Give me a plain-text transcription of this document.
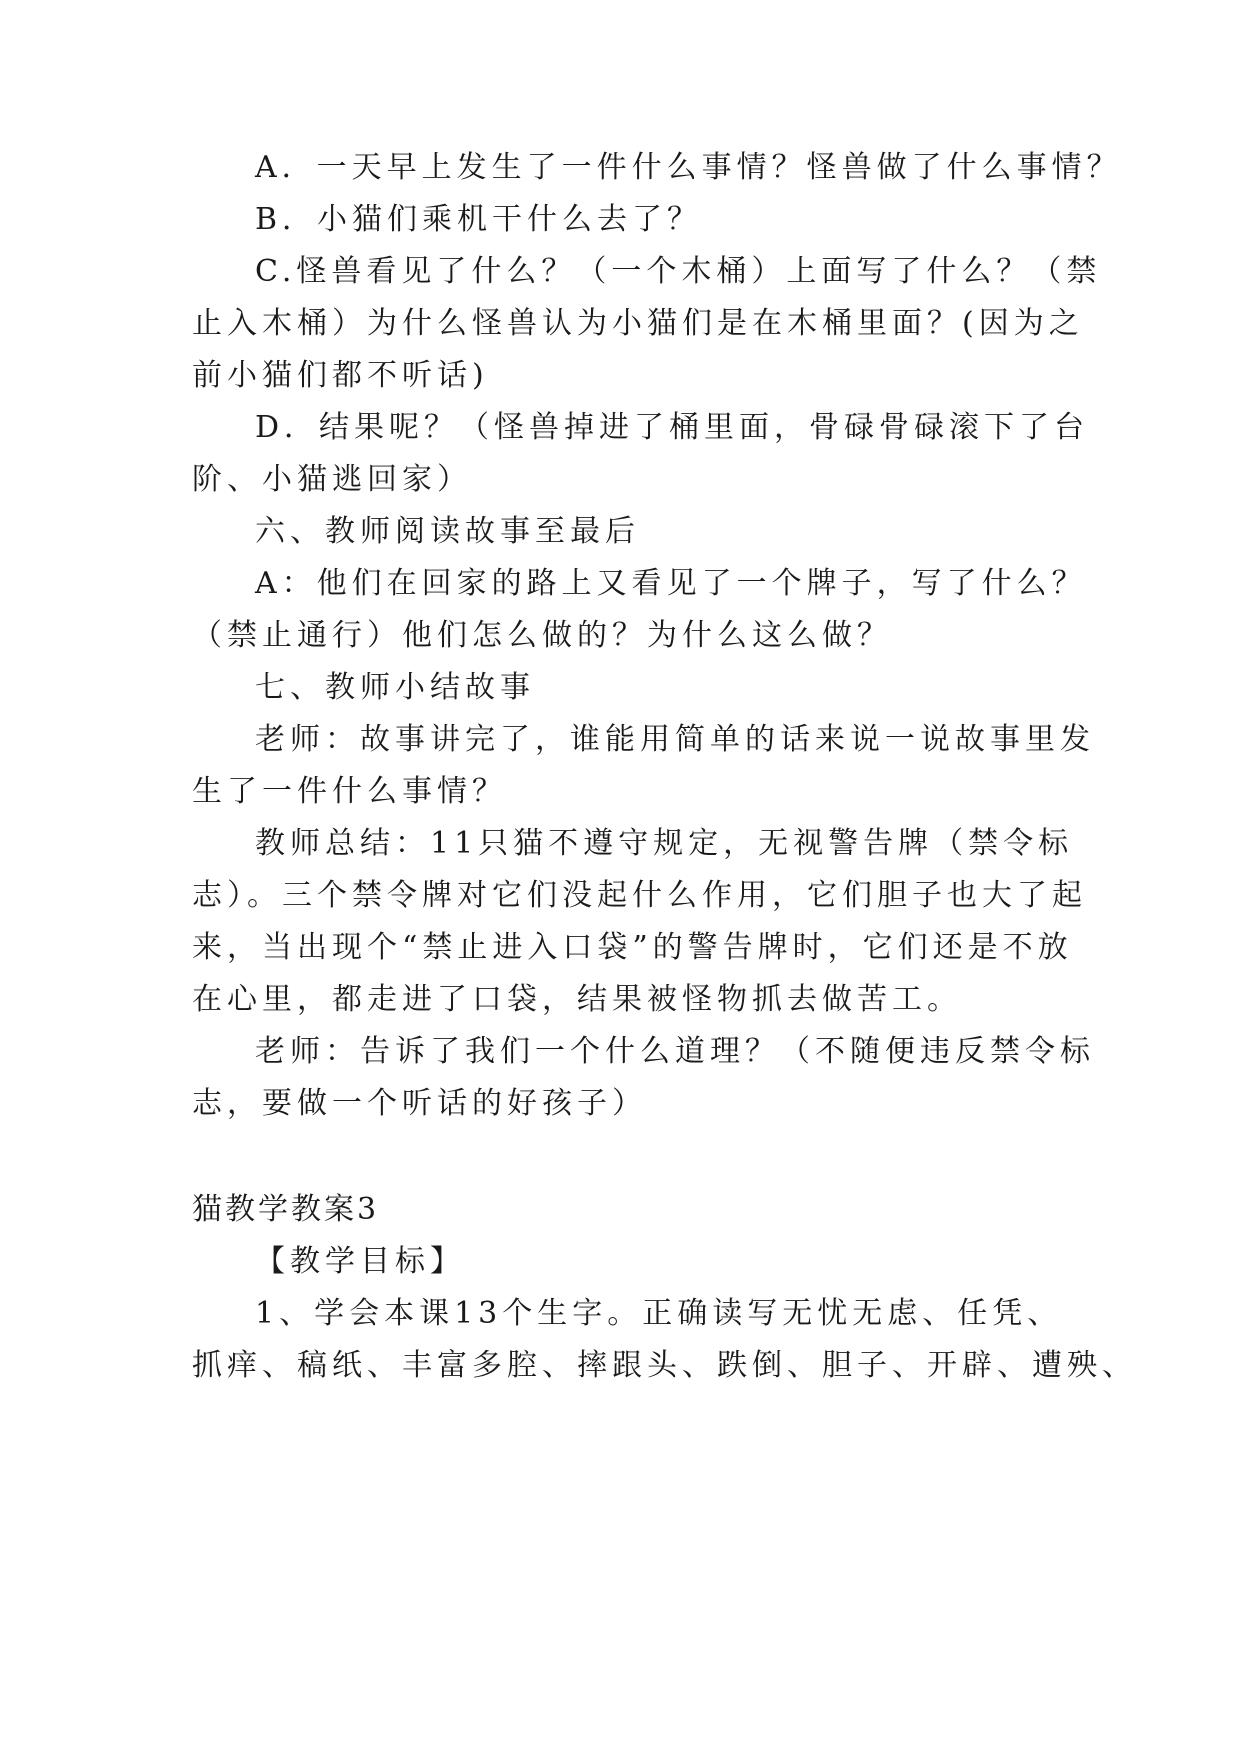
A．一天早上发生了一件什么事情？怪兽做了什么事情？
B．小猫们乘机干什么去了？
C.怪兽看见了什么？（一个木桶）上面写了什么？（禁
止入木桶）为什么怪兽认为小猫们是在木桶里面？(因为之
前小猫们都不听话)
D．结果呢？（怪兽掉进了桶里面，骨碌骨碌滚下了台
阶、小猫逃回家）
六、教师阅读故事至最后
A：他们在回家的路上又看见了一个牌子，写了什么？
（禁止通行）他们怎么做的？为什么这么做？
七、教师小结故事
老师：故事讲完了，谁能用简单的话来说一说故事里发
生了一件什么事情？
教师总结：11只猫不遵守规定，无视警告牌（禁令标
志）。三个禁令牌对它们没起什么作用，它们胆子也大了起
来，当出现个“禁止进入口袋”的警告牌时，它们还是不放
在心里，都走进了口袋，结果被怪物抓去做苦工。
老师：告诉了我们一个什么道理？（不随便违反禁令标
志，要做一个听话的好孩子）
猫教学教案3
【教学目标】
1、学会本课13个生字。正确读写无忧无虑、任凭、
抓痒、稿纸、丰富多腔、摔跟头、跌倒、胆子、开辟、遭殃、
